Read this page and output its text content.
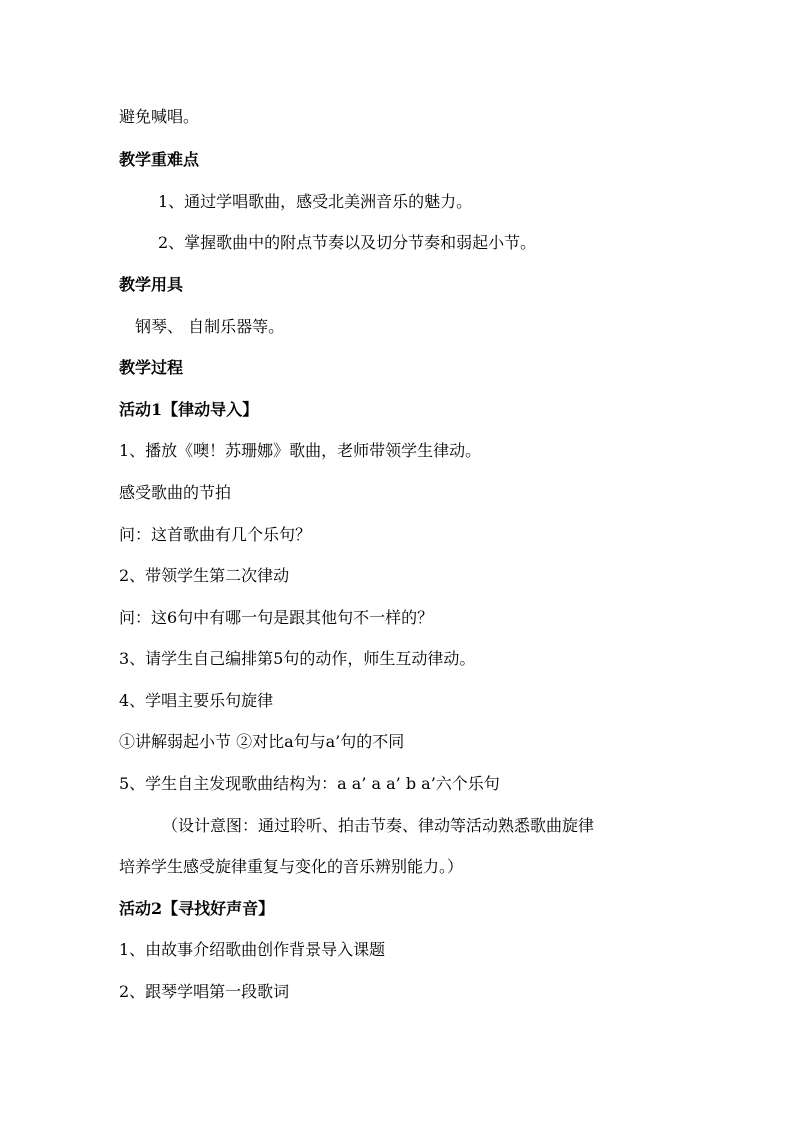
避免喊唱。
教学重难点
1、通过学唱歌曲，感受北美洲音乐的魅力。
2、掌握歌曲中的附点节奏以及切分节奏和弱起小节。
教学用具
钢琴、 自制乐器等。
教学过程
活动1【律动导入】
1、播放《噢！苏珊娜》歌曲，老师带领学生律动。
感受歌曲的节拍
问：这首歌曲有几个乐句？
2、带领学生第二次律动
问：这6句中有哪一句是跟其他句不一样的？
3、请学生自己编排第5句的动作，师生互动律动。
4、学唱主要乐句旋律
①讲解弱起小节 ②对比a句与a’句的不同
5、学生自主发现歌曲结构为：a a’ a a’ b a’六个乐句
（设计意图：通过聆听、拍击节奏、律动等活动熟悉歌曲旋律
培养学生感受旋律重复与变化的音乐辨别能力。）
活动2【寻找好声音】
1、由故事介绍歌曲创作背景导入课题
2、跟琴学唱第一段歌词
